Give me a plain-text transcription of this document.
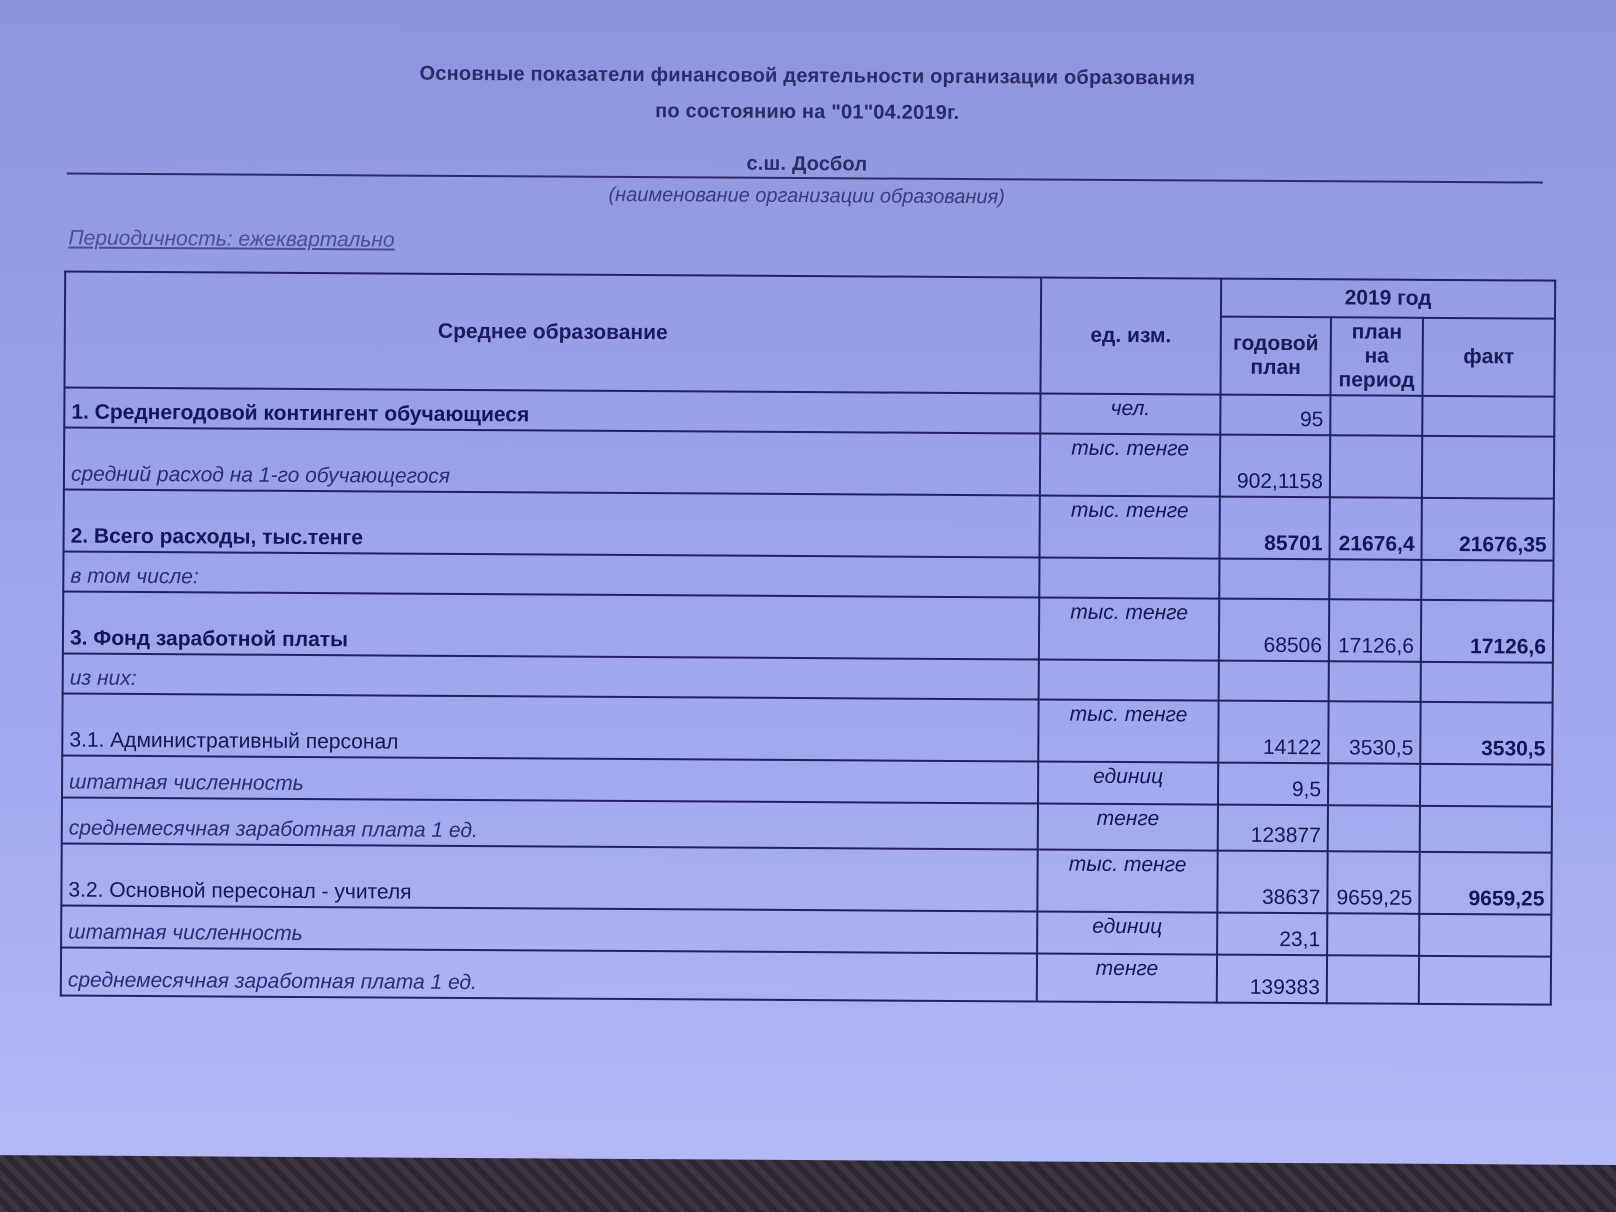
Основные показатели финансовой деятельности организации образования
по состоянию на "01"04.2019г.
с.ш. Досбол
(наименование организации образования)
Периодичность: ежеквартально
Среднее образование	ед. изм.	2019 год		
		годовой план	план на период	факт
1. Среднегодовой контингент обучающиеся	чел.	95		
средний расход на 1-го обучающегося	тыс. тенге	902,1158		
2. Всего расходы, тыс.тенге	тыс. тенге	85701	21676,4	21676,35
в том числе:				
3. Фонд заработной платы	тыс. тенге	68506	17126,6	17126,6
из них:				
3.1. Административный персонал	тыс. тенге	14122	3530,5	3530,5
штатная численность	единиц	9,5		
среднемесячная заработная плата 1 ед.	тенге	123877		
3.2. Основной пересонал - учителя	тыс. тенге	38637	9659,25	9659,25
штатная численность	единиц	23,1		
среднемесячная заработная плата 1 ед.	тенге	139383		
